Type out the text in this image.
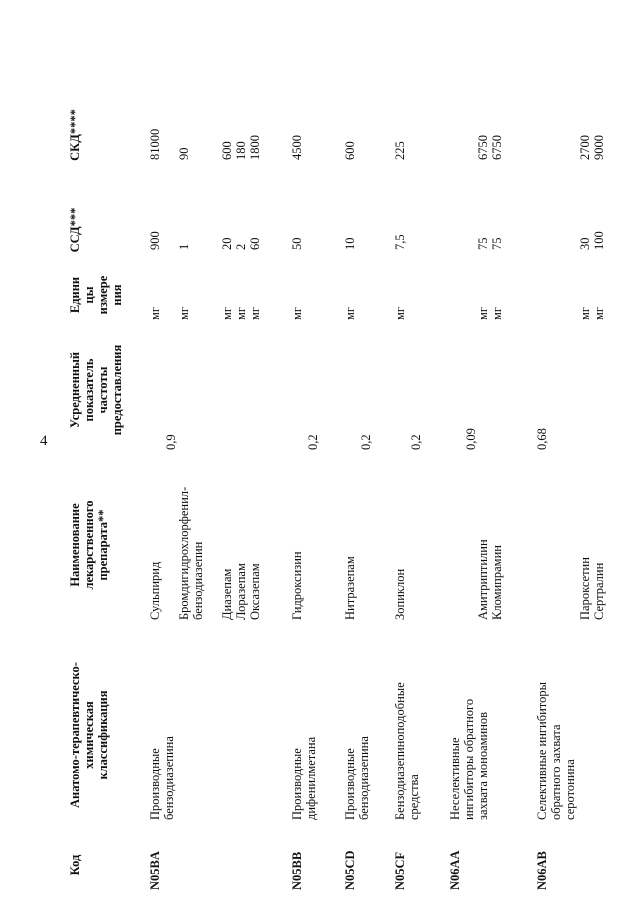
4
Код
Анатомо-терапевтическо-
химическая
классификация
Наименование
лекарственного
препарата**
Усредненный
показатель
частоты
предоставления
Едини
цы
измере
ния
ССД***
СКД****
N05BA
Производные
бензодиазепина
0,9
Сульпирид
мг
900
81000
Бромдигидрохлорфенил-
бензодиазепин
мг
1
90
Диазепам
мг
20
600
Лоразепам
мг
2
180
Оксазепам
мг
60
1800
N05BB
Производные
дифенилметана
0,2
Гидроксизин
мг
50
4500
N05CD
Производные
бензодиазепина
0,2
Нитразепам
мг
10
600
N05CF
Бензодиазепиноподобные
средства
0,2
Зопиклон
мг
7,5
225
N06AA
Неселективные
ингибиторы обратного
захвата моноаминов
0,09
Амитриптилин
мг
75
6750
Кломипрамин
мг
75
6750
N06AB
Селективные ингибиторы
обратного захвата
серотонина
0,68
Пароксетин
мг
30
2700
Сертралин
мг
100
9000
